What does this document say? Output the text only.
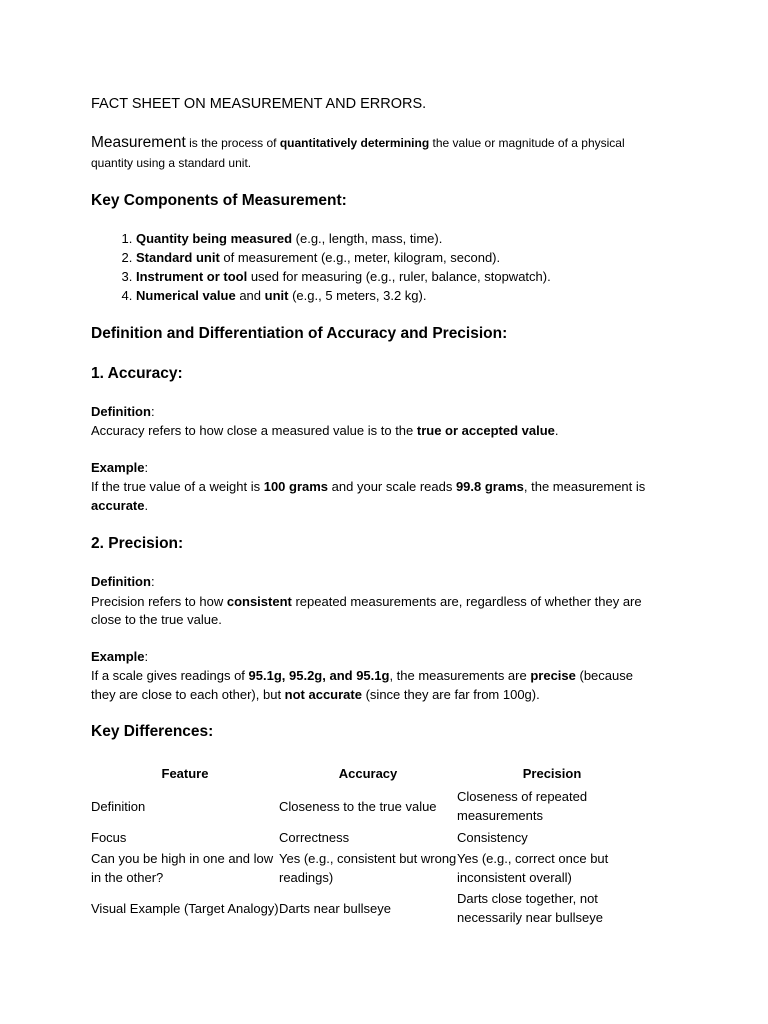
FACT SHEET ON MEASUREMENT AND ERRORS.
Measurement is the process of quantitatively determining the value or magnitude of a physical
quantity using a standard unit.
Key Components of Measurement:
1. Quantity being measured (e.g., length, mass, time).
2. Standard unit of measurement (e.g., meter, kilogram, second).
3. Instrument or tool used for measuring (e.g., ruler, balance, stopwatch).
4. Numerical value and unit (e.g., 5 meters, 3.2 kg).
Definition and Differentiation of Accuracy and Precision:
1. Accuracy:
Definition:
Accuracy refers to how close a measured value is to the true or accepted value.
Example:
If the true value of a weight is 100 grams and your scale reads 99.8 grams, the measurement is
accurate.
2. Precision:
Definition:
Precision refers to how consistent repeated measurements are, regardless of whether they are
close to the true value.
Example:
If a scale gives readings of 95.1g, 95.2g, and 95.1g, the measurements are precise (because
they are close to each other), but not accurate (since they are far from 100g).
Key Differences:
Feature	Accuracy	Precision
Definition	Closeness to the true value	Closeness of repeated measurements
Focus	Correctness	Consistency
Can you be high in one and low in the other?	Yes (e.g., consistent but wrong readings)	Yes (e.g., correct once but inconsistent overall)
Visual Example (Target Analogy)	Darts near bullseye	Darts close together, not necessarily near bullseye
